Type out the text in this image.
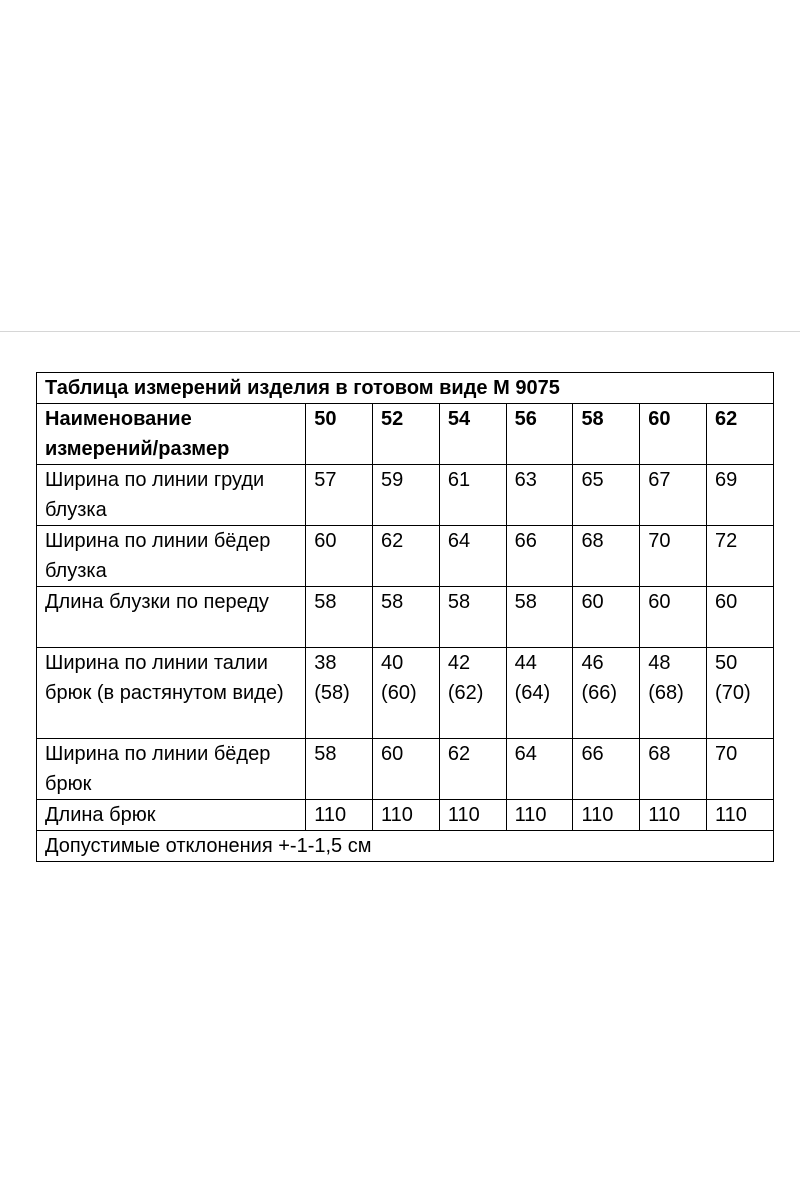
Таблица измерений изделия в готовом виде М 9075							
Наименование измерений/размер	50	52	54	56	58	60	62
Ширина по линии груди блузка	57	59	61	63	65	67	69
Ширина по линии бёдер блузка	60	62	64	66	68	70	72
Длина блузки по переду	58	58	58	58	60	60	60
Ширина по линии талии брюк (в растянутом виде)	38 (58)	40 (60)	42 (62)	44 (64)	46 (66)	48 (68)	50 (70)
Ширина по линии бёдер брюк	58	60	62	64	66	68	70
Длина брюк	110	110	110	110	110	110	110
Допустимые отклонения +-1-1,5 см							
